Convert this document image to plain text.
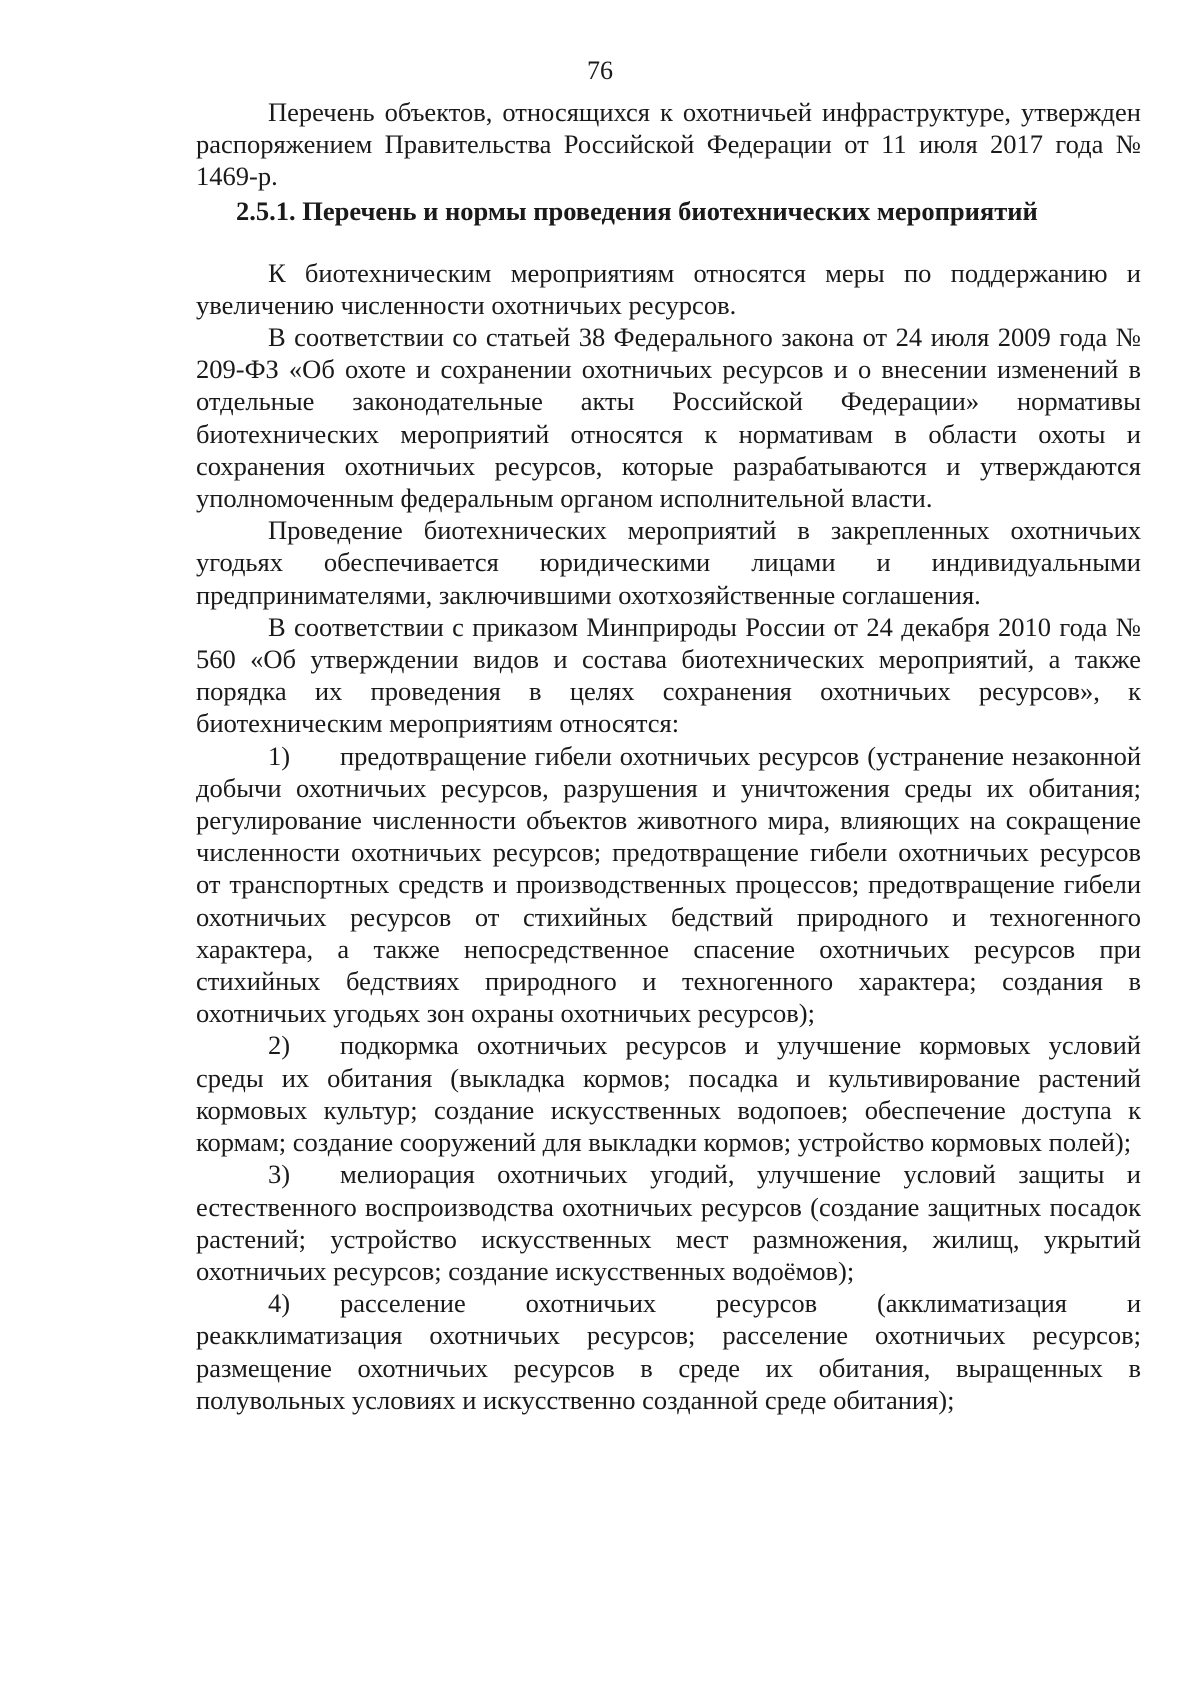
76

Перечень объектов, относящихся к охотничьей инфраструктуре, утвержден распоряжением Правительства Российской Федерации от 11 июля 2017 года № 1469-р.

2.5.1. Перечень и нормы проведения биотехнических мероприятий

К биотехническим мероприятиям относятся меры по поддержанию и увеличению численности охотничьих ресурсов.

В соответствии со статьей 38 Федерального закона от 24 июля 2009 года № 209-ФЗ «Об охоте и сохранении охотничьих ресурсов и о внесении изменений в отдельные законодательные акты Российской Федерации» нормативы биотехнических мероприятий относятся к нормативам в области охоты и сохранения охотничьих ресурсов, которые разрабатываются и утверждаются уполномоченным федеральным органом исполнительной власти.

Проведение биотехнических мероприятий в закрепленных охотничьих угодьях обеспечивается юридическими лицами и индивидуальными предпринимателями, заключившими охотхозяйственные соглашения.

В соответствии с приказом Минприроды России от 24 декабря 2010 года № 560 «Об утверждении видов и состава биотехнических мероприятий, а также порядка их проведения в целях сохранения охотничьих ресурсов», к биотехническим мероприятиям относятся:

1) предотвращение гибели охотничьих ресурсов (устранение незаконной добычи охотничьих ресурсов, разрушения и уничтожения среды их обитания; регулирование численности объектов животного мира, влияющих на сокращение численности охотничьих ресурсов; предотвращение гибели охотничьих ресурсов от транспортных средств и производственных процессов; предотвращение гибели охотничьих ресурсов от стихийных бедствий природного и техногенного характера, а также непосредственное спасение охотничьих ресурсов при стихийных бедствиях природного и техногенного характера; создания в охотничьих угодьях зон охраны охотничьих ресурсов);

2) подкормка охотничьих ресурсов и улучшение кормовых условий среды их обитания (выкладка кормов; посадка и культивирование растений кормовых культур; создание искусственных водопоев; обеспечение доступа к кормам; создание сооружений для выкладки кормов; устройство кормовых полей);

3) мелиорация охотничьих угодий, улучшение условий защиты и естественного воспроизводства охотничьих ресурсов (создание защитных посадок растений; устройство искусственных мест размножения, жилищ, укрытий охотничьих ресурсов; создание искусственных водоёмов);

4) расселение охотничьих ресурсов (акклиматизация и реакклиматизация охотничьих ресурсов; расселение охотничьих ресурсов; размещение охотничьих ресурсов в среде их обитания, выращенных в полувольных условиях и искусственно созданной среде обитания);
